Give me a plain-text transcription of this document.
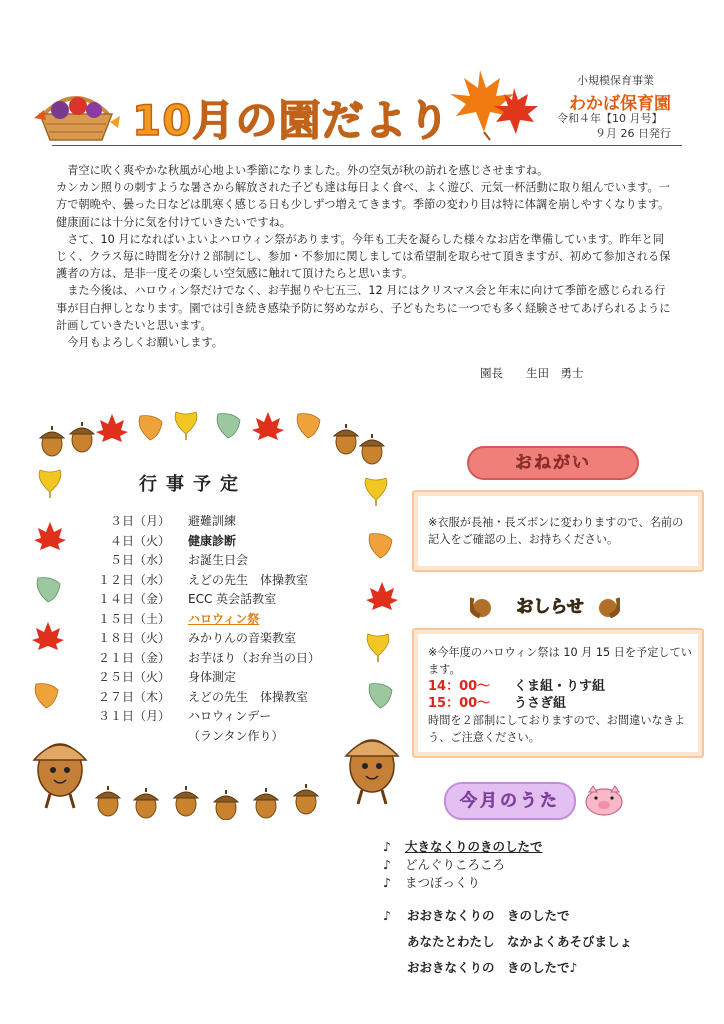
10月の園だより
小規模保育事業
わかば保育園
令和４年【10 月号】
９月 26 日発行

　青空に吹く爽やかな秋風が心地よい季節になりました。外の空気が秋の訪れを感じさせますね。

カンカン照りの刺すような暑さから解放された子ども達は毎日よく食べ、よく遊び、元気一杯活動に取り組んでいます。一方で朝晩や、曇った日などは肌寒く感じる日も少しずつ増えてきます。季節の変わり目は特に体調を崩しやすくなります。健康面には十分に気を付けていきたいですね。

　さて、10 月になればいよいよハロウィン祭があります。今年も工夫を凝らした様々なお店を準備しています。昨年と同じく、クラス毎に時間を分け２部制にし、参加・不参加に関しましては希望制を取らせて頂きますが、初めて参加される保護者の方は、是非一度その楽しい空気感に触れて頂けたらと思います。

　また今後は、ハロウィン祭だけでなく、お芋掘りや七五三、12 月にはクリスマス会と年末に向けて季節を感じられる行事が目白押しとなります。園では引き続き感染予防に努めながら、子どもたちに一つでも多く経験させてあげられるように計画していきたいと思います。

　今月もよろしくお願いします。

園長　　生田　勇士
行事予定
３日（月）	避難訓練
４日（火）	健康診断
５日（水）	お誕生日会
１２日（水）	えどの先生　体操教室
１４日（金）	ECC 英会話教室
１５日（土）	ハロウィン祭
１８日（火）	みかりんの音楽教室
２１日（金）	お芋ほり（お弁当の日）
２５日（火）	身体測定
２７日（木）	えどの先生　体操教室
３１日（月）	ハロウィンデー
（ランタン作り）
おねがい
※衣服が長袖・長ズボンに変わりますので、名前の記入をご確認の上、お持ちください。
おしらせ
※今年度のハロウィン祭は 10 月 15 日を予定しています。
14：00～	くま組・りす組
15：00～	うさぎ組
時間を２部制にしておりますので、お間違いなきよう、ご注意ください。
今月のうた
♪	大きなくりのきのしたで
♪	どんぐりころころ
♪	まつぼっくり
♪	おおきなくりの　きのしたで
あなたとわたし　なかよくあそびましょ
おおきなくりの　きのしたで♪
